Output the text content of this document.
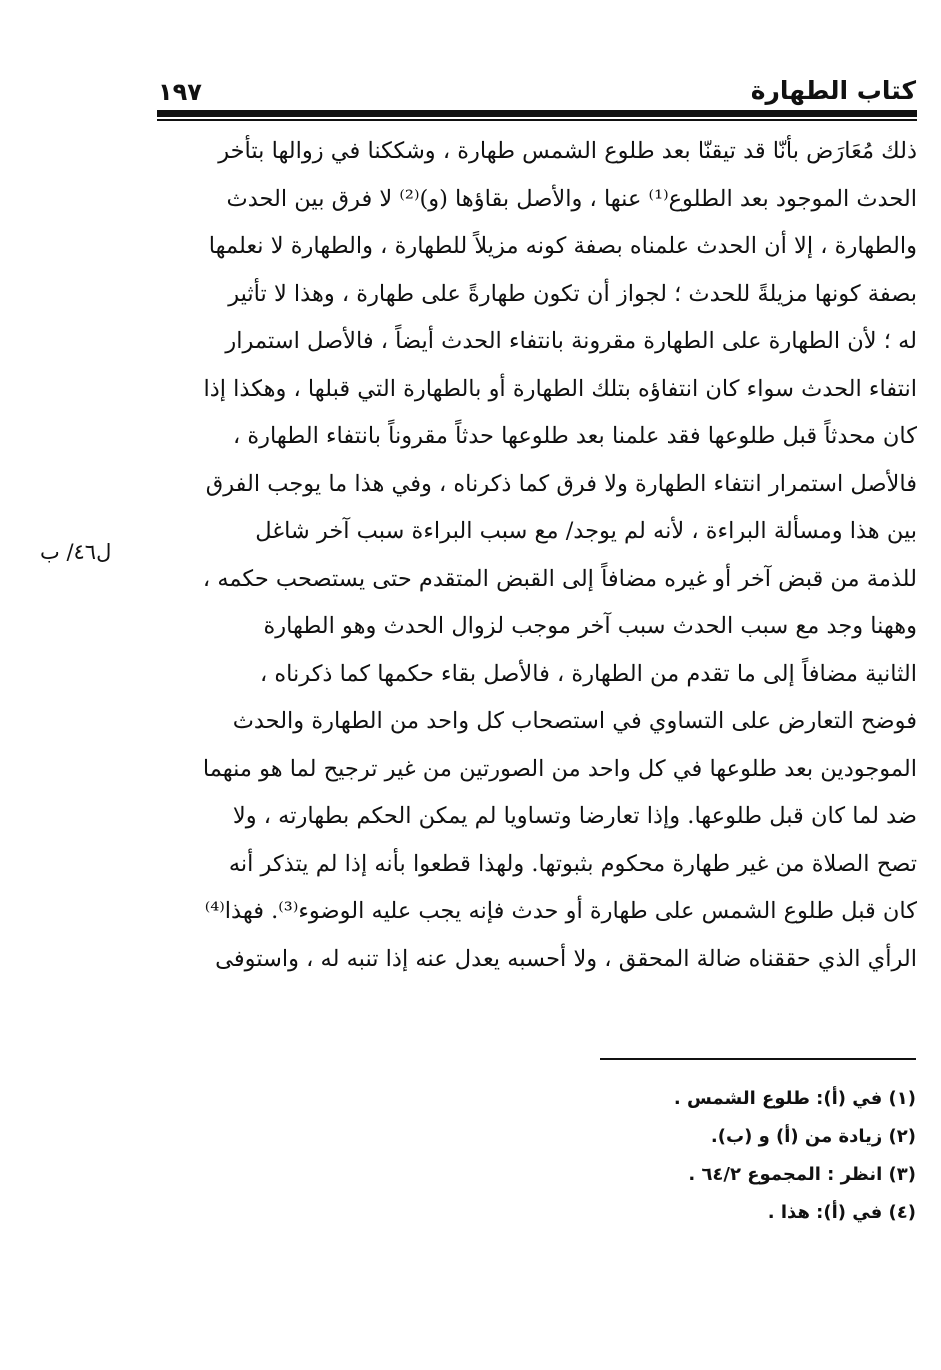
١٩٧	كتاب الطهارة
ذلك مُعَارَض بأنّا قد تيقنّا بعد طلوع الشمس طهارة ، وشككنا في زوالها بتأخر
الحدث الموجود بعد الطلوع⁽¹⁾ عنها ، والأصل بقاؤها (و)⁽²⁾ لا فرق بين الحدث
والطهارة ، إلا أن الحدث علمناه بصفة كونه مزيلاً للطهارة ، والطهارة لا نعلمها
بصفة كونها مزيلةً للحدث ؛ لجواز أن تكون طهارةً على طهارة ، وهذا لا تأثير
له ؛ لأن الطهارة على الطهارة مقرونة بانتفاء الحدث أيضاً ، فالأصل استمرار
انتفاء الحدث سواء كان انتفاؤه بتلك الطهارة أو بالطهارة التي قبلها ، وهكذا إذا
كان محدثاً قبل طلوعها فقد علمنا بعد طلوعها حدثاً مقروناً بانتفاء الطهارة ،
فالأصل استمرار انتفاء الطهارة ولا فرق كما ذكرناه ، وفي هذا ما يوجب الفرق
بين هذا ومسألة البراءة ، لأنه لم يوجد/ مع سبب البراءة سبب آخر شاغل
للذمة من قبض آخر أو غيره مضافاً إلى القبض المتقدم حتى يستصحب حكمه ،
وههنا وجد مع سبب الحدث سبب آخر موجب لزوال الحدث وهو الطهارة
الثانية مضافاً إلى ما تقدم من الطهارة ، فالأصل بقاء حكمها كما ذكرناه ،
فوضح التعارض على التساوي في استصحاب كل واحد من الطهارة والحدث
الموجودين بعد طلوعها في كل واحد من الصورتين من غير ترجيح لما هو منهما
ضد لما كان قبل طلوعها. وإذا تعارضا وتساويا لم يمكن الحكم بطهارته ، ولا
تصح الصلاة من غير طهارة محكوم بثبوتها. ولهذا قطعوا بأنه إذا لم يتذكر أنه
كان قبل طلوع الشمس على طهارة أو حدث فإنه يجب عليه الوضوء⁽³⁾. فهذا⁽⁴⁾
الرأي الذي حققناه ضالة المحقق ، ولا أحسبه يعدل عنه إذا تنبه له ، واستوفى
ل٤٦/ ب
(١) في (أ): طلوع الشمس .
(٢) زيادة من (أ) و (ب).
(٣) انظر : المجموع ٦٤/٢ .
(٤) في (أ): هذا .
